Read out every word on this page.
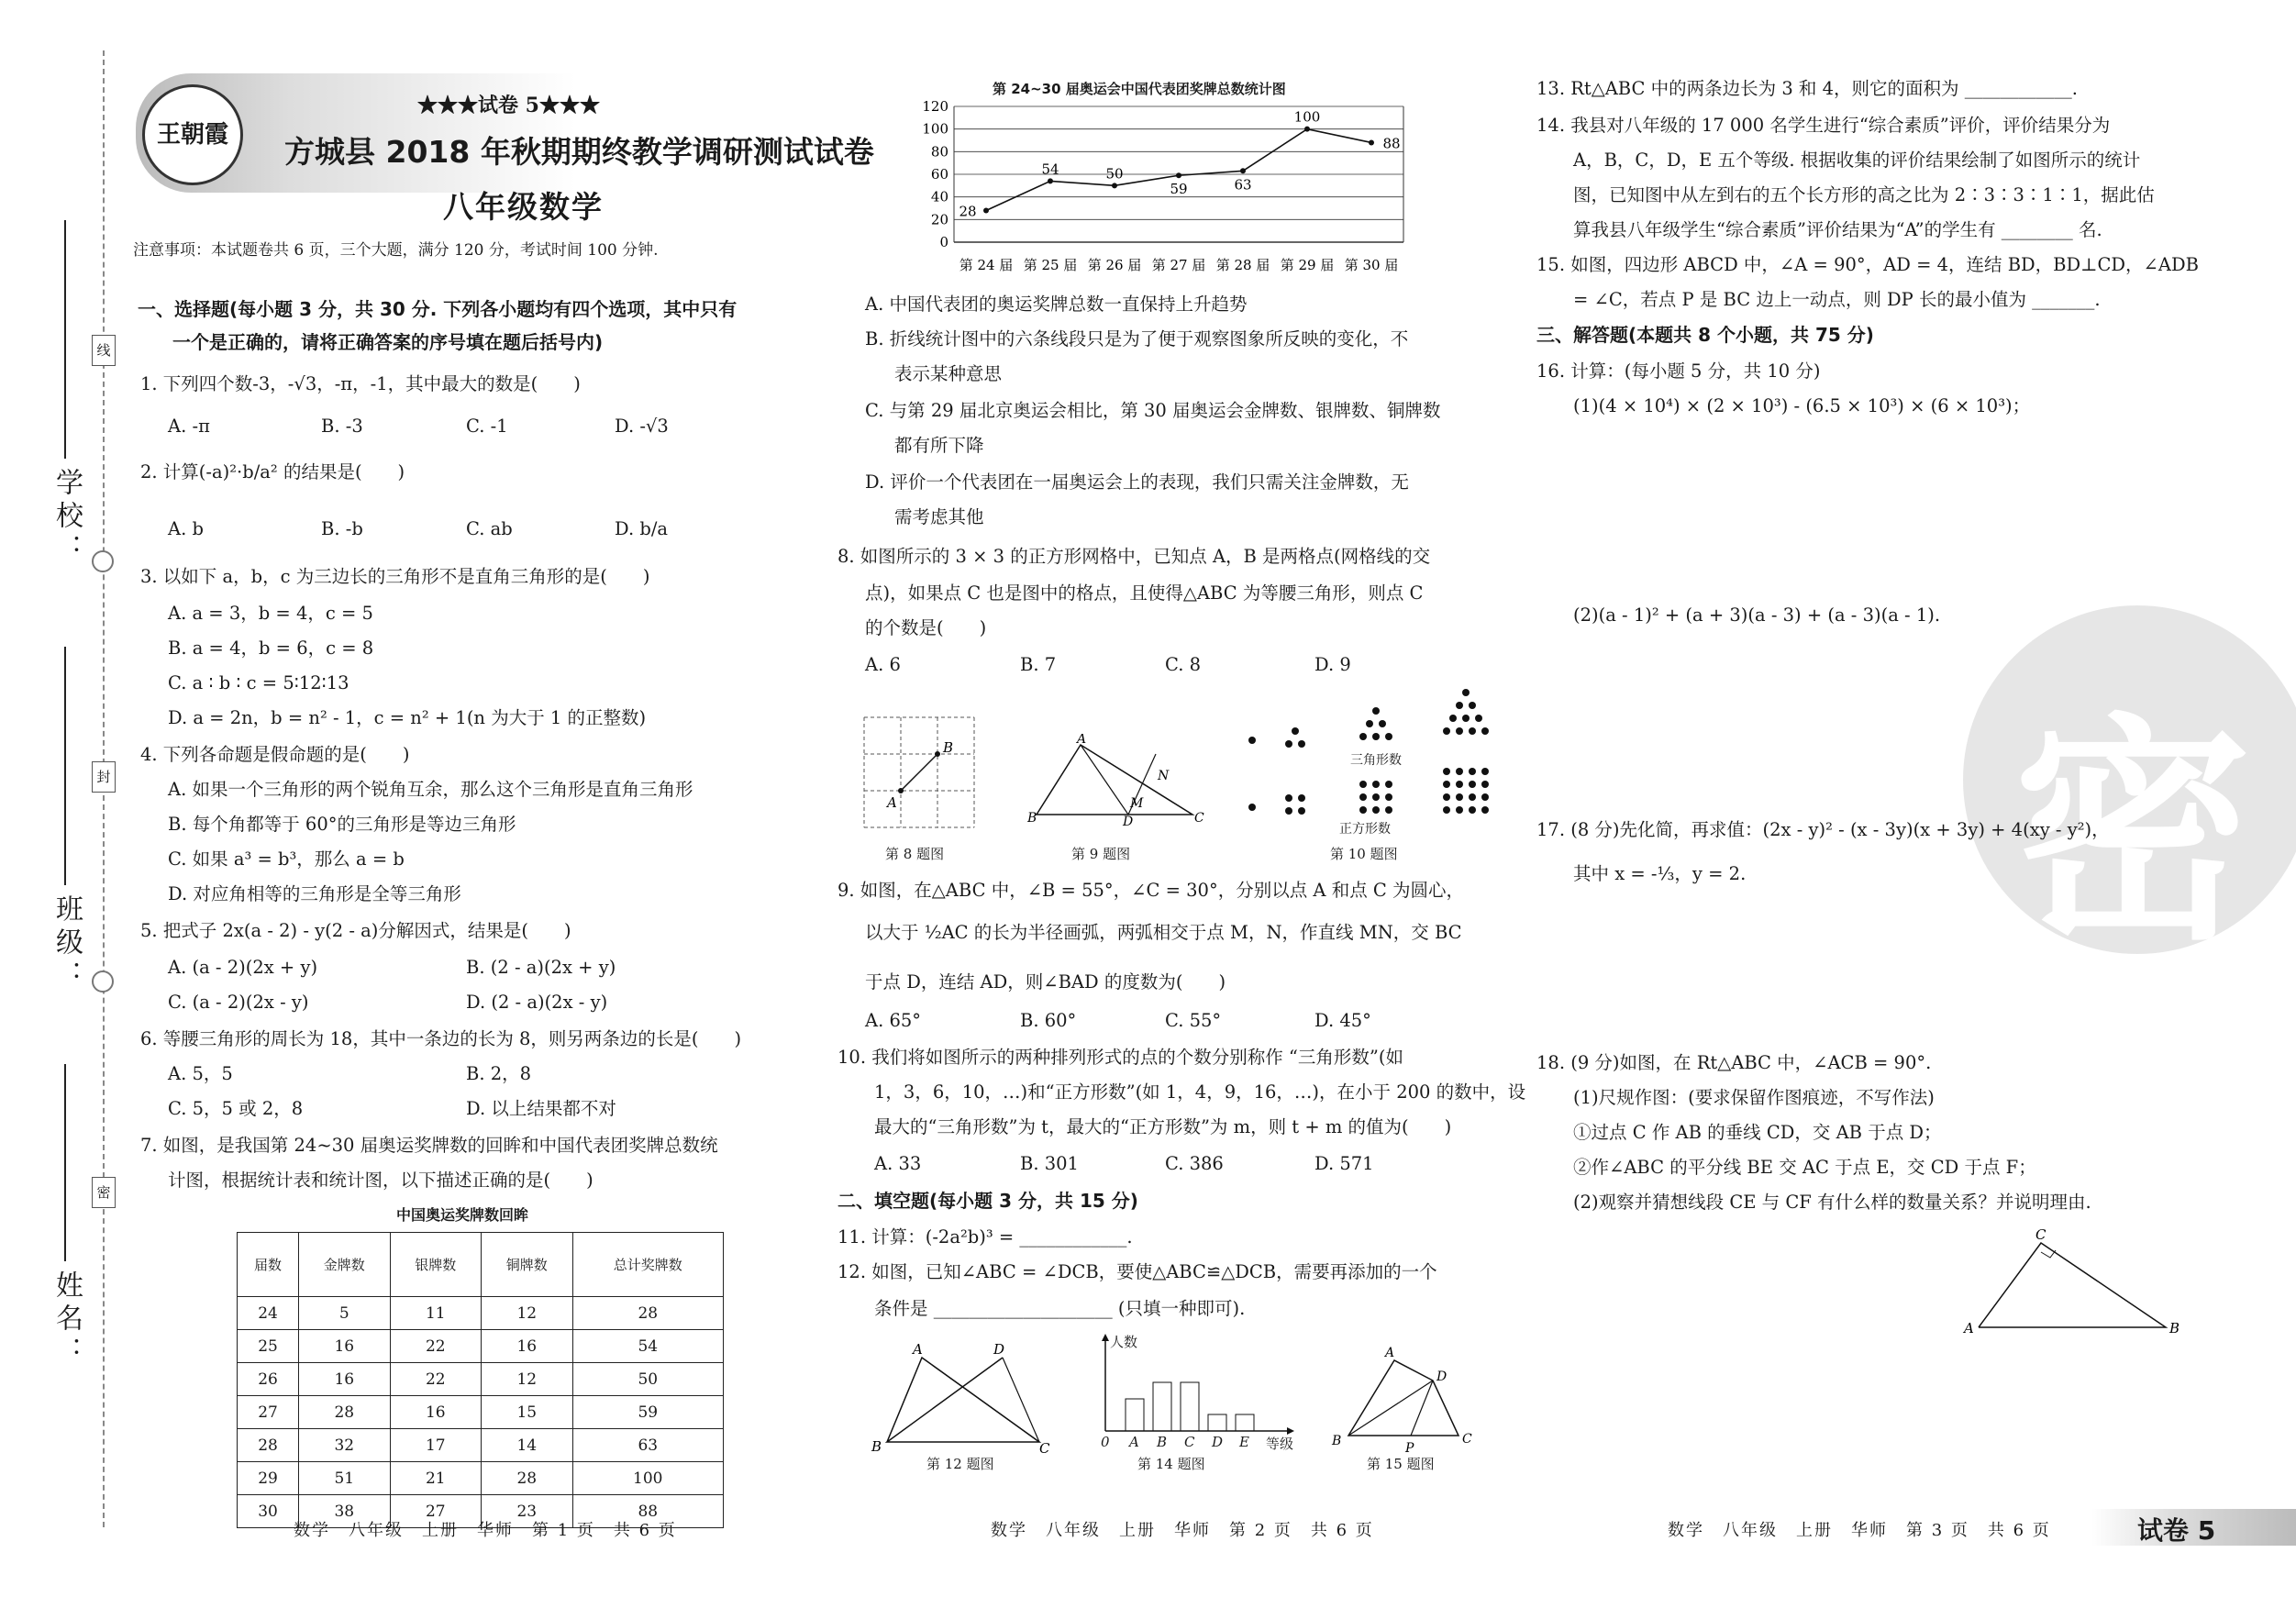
线
封
密
学校：
班级：
姓名：
王朝霞
★★★试卷 5★★★
方城县 2018 年秋期期终教学调研测试试卷
八年级数学
注意事项：本试题卷共 6 页，三个大题，满分 120 分，考试时间 100 分钟.
一、选择题(每小题 3 分，共 30 分. 下列各小题均有四个选项，其中只有
一个是正确的，请将正确答案的序号填在题后括号内)
1. 下列四个数-3，-√3，-π，-1，其中最大的数是(　　)
A. -π	B. -3	C. -1	D. -√3
2. 计算(-a)²·b/a² 的结果是(　　)
A. b	B. -b	C. ab	D. b/a
3. 以如下 a，b，c 为三边长的三角形不是直角三角形的是(　　)
A. a = 3，b = 4，c = 5
B. a = 4，b = 6，c = 8
C. a ∶ b ∶ c = 5∶12∶13
D. a = 2n，b = n² - 1，c = n² + 1(n 为大于 1 的正整数)
4. 下列各命题是假命题的是(　　)
A. 如果一个三角形的两个锐角互余，那么这个三角形是直角三角形
B. 每个角都等于 60°的三角形是等边三角形
C. 如果 a³ = b³，那么 a = b
D. 对应角相等的三角形是全等三角形
5. 把式子 2x(a - 2) - y(2 - a)分解因式，结果是(　　)
A. (a - 2)(2x + y)	B. (2 - a)(2x + y)
C. (a - 2)(2x - y)	D. (2 - a)(2x - y)
6. 等腰三角形的周长为 18，其中一条边的长为 8，则另两条边的长是(　　)
A. 5，5	B. 2，8
C. 5，5 或 2，8	D. 以上结果都不对
7. 如图，是我国第 24~30 届奥运奖牌数的回眸和中国代表团奖牌总数统
计图，根据统计表和统计图，以下描述正确的是(　　)
中国奥运奖牌数回眸
届数	金牌数	银牌数	铜牌数	总计奖牌数
24	5	11	12	28
25	16	22	16	54
26	16	22	12	50
27	28	16	15	59
28	32	17	14	63
29	51	21	28	100
30	38	27	23	88
第 24~30 届奥运会中国代表团奖牌总数统计图
0
20
40
60
80
100
120
第 24 届 第 25 届 第 26 届 第 27 届 第 28 届 第 29 届 第 30 届
28
54	50
59	63
100
88
A. 中国代表团的奥运奖牌总数一直保持上升趋势
B. 折线统计图中的六条线段只是为了便于观察图象所反映的变化，不
表示某种意思
C. 与第 29 届北京奥运会相比，第 30 届奥运会金牌数、银牌数、铜牌数
都有所下降
D. 评价一个代表团在一届奥运会上的表现，我们只需关注金牌数，无
需考虑其他
8. 如图所示的 3 × 3 的正方形网格中，已知点 A，B 是两格点(网格线的交
点)，如果点 C 也是图中的格点，且使得△ABC 为等腰三角形，则点 C
的个数是(　　)
A. 6	B. 7	C. 8	D. 9
A
B
第 8 题图
B
A
C
D
N
M
第 9 题图
三角形数
正方形数
第 10 题图
9. 如图，在△ABC 中，∠B = 55°，∠C = 30°，分别以点 A 和点 C 为圆心，
以大于 ½AC 的长为半径画弧，两弧相交于点 M，N，作直线 MN，交 BC
于点 D，连结 AD，则∠BAD 的度数为(　　)
A. 65°	B. 60°	C. 55°	D. 45°
10. 我们将如图所示的两种排列形式的点的个数分别称作 “三角形数”(如
1，3，6，10，…)和“正方形数”(如 1，4，9，16，…)，在小于 200 的数中，设
最大的“三角形数”为 t，最大的“正方形数”为 m，则 t + m 的值为(　　)
A. 33	B. 301	C. 386	D. 571
二、填空题(每小题 3 分，共 15 分)
11. 计算：(-2a²b)³ = ____________.
12. 如图，已知∠ABC = ∠DCB，要使△ABC≌△DCB，需要再添加的一个
条件是 ____________________ (只填一种即可).
A	D
B	C
第 12 题图
人数
等级
0 A B C D E
第 14 题图
B
A
D
C
P
第 15 题图
密
13. Rt△ABC 中的两条边长为 3 和 4，则它的面积为 ____________.
14. 我县对八年级的 17 000 名学生进行“综合素质”评价，评价结果分为
A，B，C，D，E 五个等级. 根据收集的评价结果绘制了如图所示的统计
图，已知图中从左到右的五个长方形的高之比为 2∶3∶3∶1∶1，据此估
算我县八年级学生“综合素质”评价结果为“A”的学生有 ________ 名.
15. 如图，四边形 ABCD 中，∠A = 90°，AD = 4，连结 BD，BD⊥CD，∠ADB
= ∠C，若点 P 是 BC 边上一动点，则 DP 长的最小值为 _______.
三、解答题(本题共 8 个小题，共 75 分)
16. 计算：(每小题 5 分，共 10 分)
(1)(4 × 10⁴) × (2 × 10³) - (6.5 × 10³) × (6 × 10³)；
(2)(a - 1)² + (a + 3)(a - 3) + (a - 3)(a - 1).
17. (8 分)先化简，再求值：(2x - y)² - (x - 3y)(x + 3y) + 4(xy - y²)，
其中 x = -⅓，y = 2.
18. (9 分)如图，在 Rt△ABC 中，∠ACB = 90°.
(1)尺规作图：(要求保留作图痕迹，不写作法)
①过点 C 作 AB 的垂线 CD，交 AB 于点 D；
②作∠ABC 的平分线 BE 交 AC 于点 E，交 CD 于点 F；
(2)观察并猜想线段 CE 与 CF 有什么样的数量关系？并说明理由.
C
A	B
数学　八年级　上册　华师　第 1 页　共 6 页	数学　八年级　上册　华师　第 2 页　共 6 页	数学　八年级　上册　华师　第 3 页　共 6 页	试卷 5
